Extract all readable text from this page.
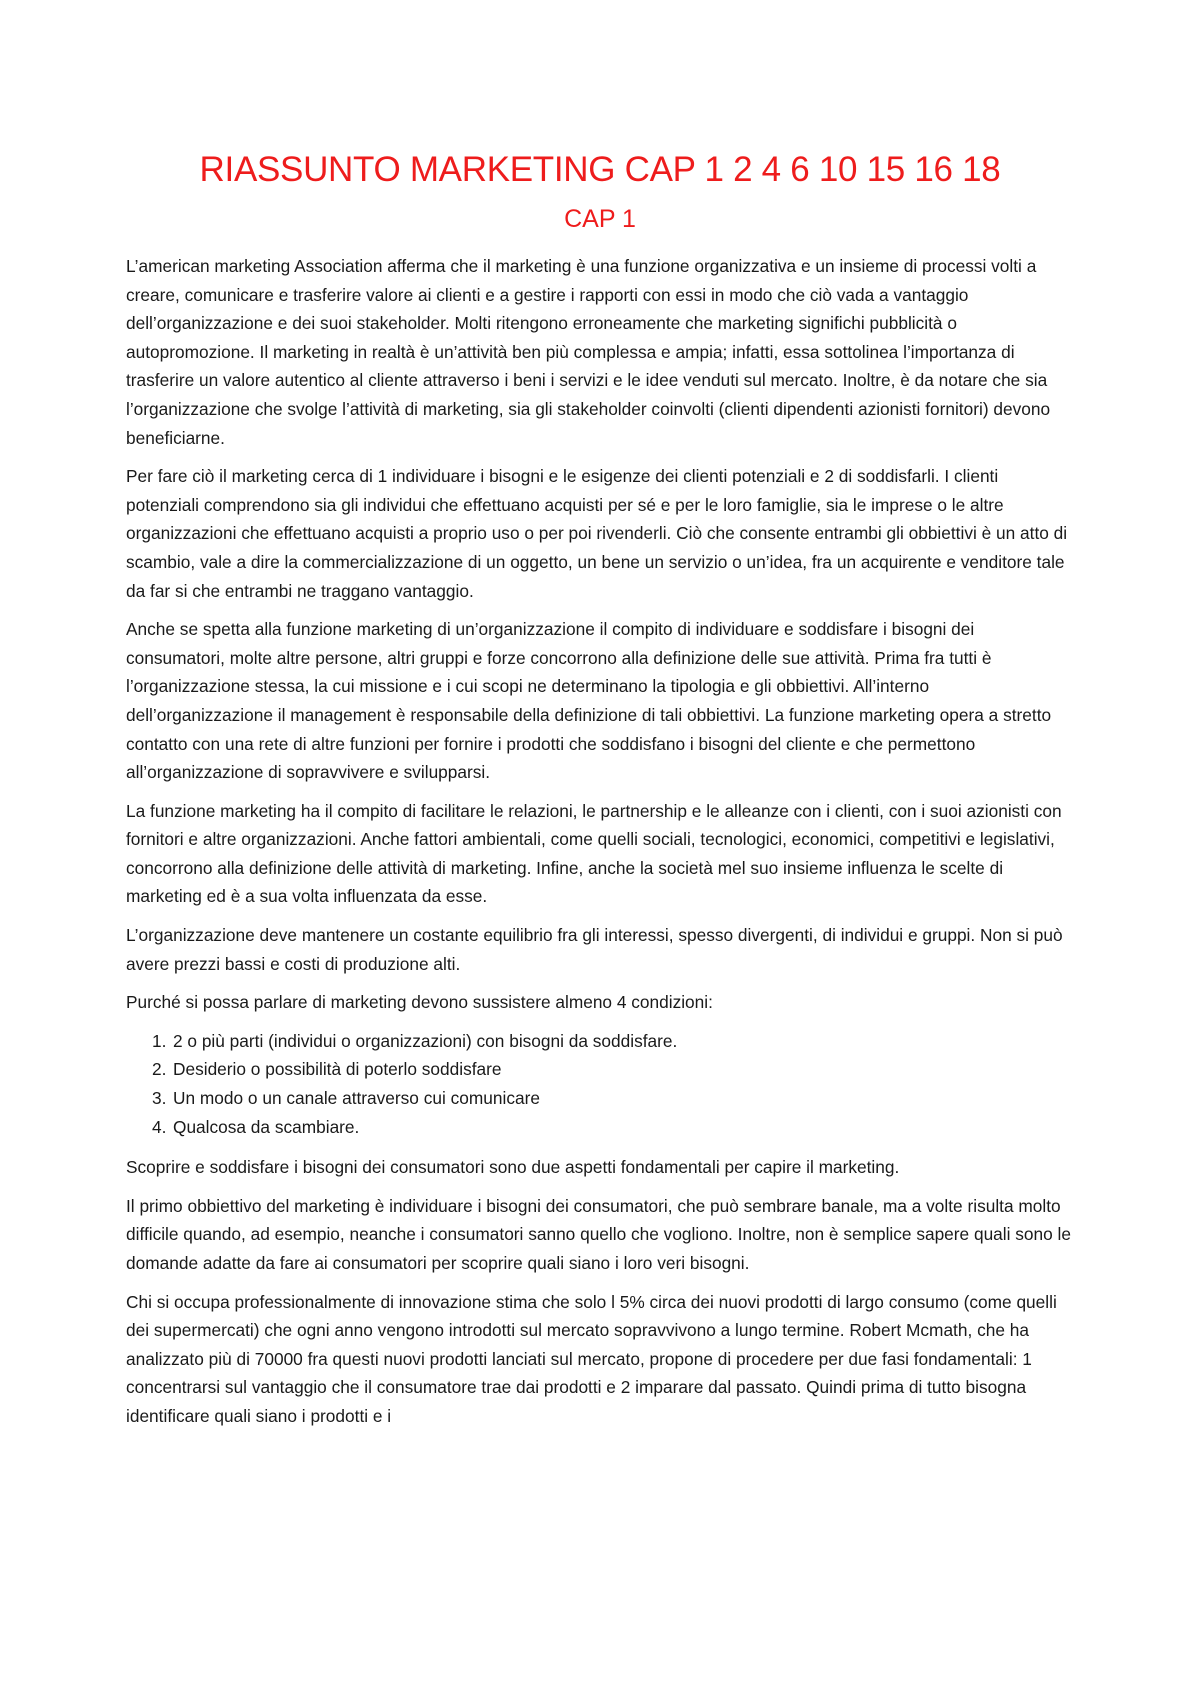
RIASSUNTO MARKETING CAP 1 2 4 6 10 15 16 18
CAP 1

L’american marketing Association afferma che il marketing è una funzione organizzativa e un insieme di processi volti a creare, comunicare e trasferire valore ai clienti e a gestire i rapporti con essi in modo che ciò vada a vantaggio dell’organizzazione e dei suoi stakeholder. Molti ritengono erroneamente che marketing significhi pubblicità o autopromozione. Il marketing in realtà è un’attività ben più complessa e ampia; infatti, essa sottolinea l’importanza di trasferire un valore autentico al cliente attraverso i beni i servizi e le idee venduti sul mercato. Inoltre, è da notare che sia l’organizzazione che svolge l’attività di marketing, sia gli stakeholder coinvolti (clienti dipendenti azionisti fornitori) devono beneficiarne.

Per fare ciò il marketing cerca di 1 individuare i bisogni e le esigenze dei clienti potenziali e 2 di soddisfarli. I clienti potenziali comprendono sia gli individui che effettuano acquisti per sé e per le loro famiglie, sia le imprese o le altre organizzazioni che effettuano acquisti a proprio uso o per poi rivenderli. Ciò che consente entrambi gli obbiettivi è un atto di scambio, vale a dire la commercializzazione di un oggetto, un bene un servizio o un’idea, fra un acquirente e venditore tale da far si che entrambi ne traggano vantaggio.

Anche se spetta alla funzione marketing di un’organizzazione il compito di individuare e soddisfare i bisogni dei consumatori, molte altre persone, altri gruppi e forze concorrono alla definizione delle sue attività. Prima fra tutti è l’organizzazione stessa, la cui missione e i cui scopi ne determinano la tipologia e gli obbiettivi. All’interno dell’organizzazione il management è responsabile della definizione di tali obbiettivi. La funzione marketing opera a stretto contatto con una rete di altre funzioni per fornire i prodotti che soddisfano i bisogni del cliente e che permettono all’organizzazione di sopravvivere e svilupparsi.

La funzione marketing ha il compito di facilitare le relazioni, le partnership e le alleanze con i clienti, con i suoi azionisti con fornitori e altre organizzazioni. Anche fattori ambientali, come quelli sociali, tecnologici, economici, competitivi e legislativi, concorrono alla definizione delle attività di marketing. Infine, anche la società mel suo insieme influenza le scelte di marketing ed è a sua volta influenzata da esse.

L’organizzazione deve mantenere un costante equilibrio fra gli interessi, spesso divergenti, di individui e gruppi. Non si può avere prezzi bassi e costi di produzione alti.

Purché si possa parlare di marketing devono sussistere almeno 4 condizioni:

1. 2 o più parti (individui o organizzazioni) con bisogni da soddisfare.
2. Desiderio o possibilità di poterlo soddisfare
3. Un modo o un canale attraverso cui comunicare
4. Qualcosa da scambiare.

Scoprire e soddisfare i bisogni dei consumatori sono due aspetti fondamentali per capire il marketing.

Il primo obbiettivo del marketing è individuare i bisogni dei consumatori, che può sembrare banale, ma a volte risulta molto difficile quando, ad esempio, neanche i consumatori sanno quello che vogliono. Inoltre, non è semplice sapere quali sono le domande adatte da fare ai consumatori per scoprire quali siano i loro veri bisogni.

Chi si occupa professionalmente di innovazione stima che solo l 5% circa dei nuovi prodotti di largo consumo (come quelli dei supermercati) che ogni anno vengono introdotti sul mercato sopravvivono a lungo termine. Robert Mcmath, che ha analizzato più di 70000 fra questi nuovi prodotti lanciati sul mercato, propone di procedere per due fasi fondamentali: 1 concentrarsi sul vantaggio che il consumatore trae dai prodotti e 2 imparare dal passato. Quindi prima di tutto bisogna identificare quali siano i prodotti e i
